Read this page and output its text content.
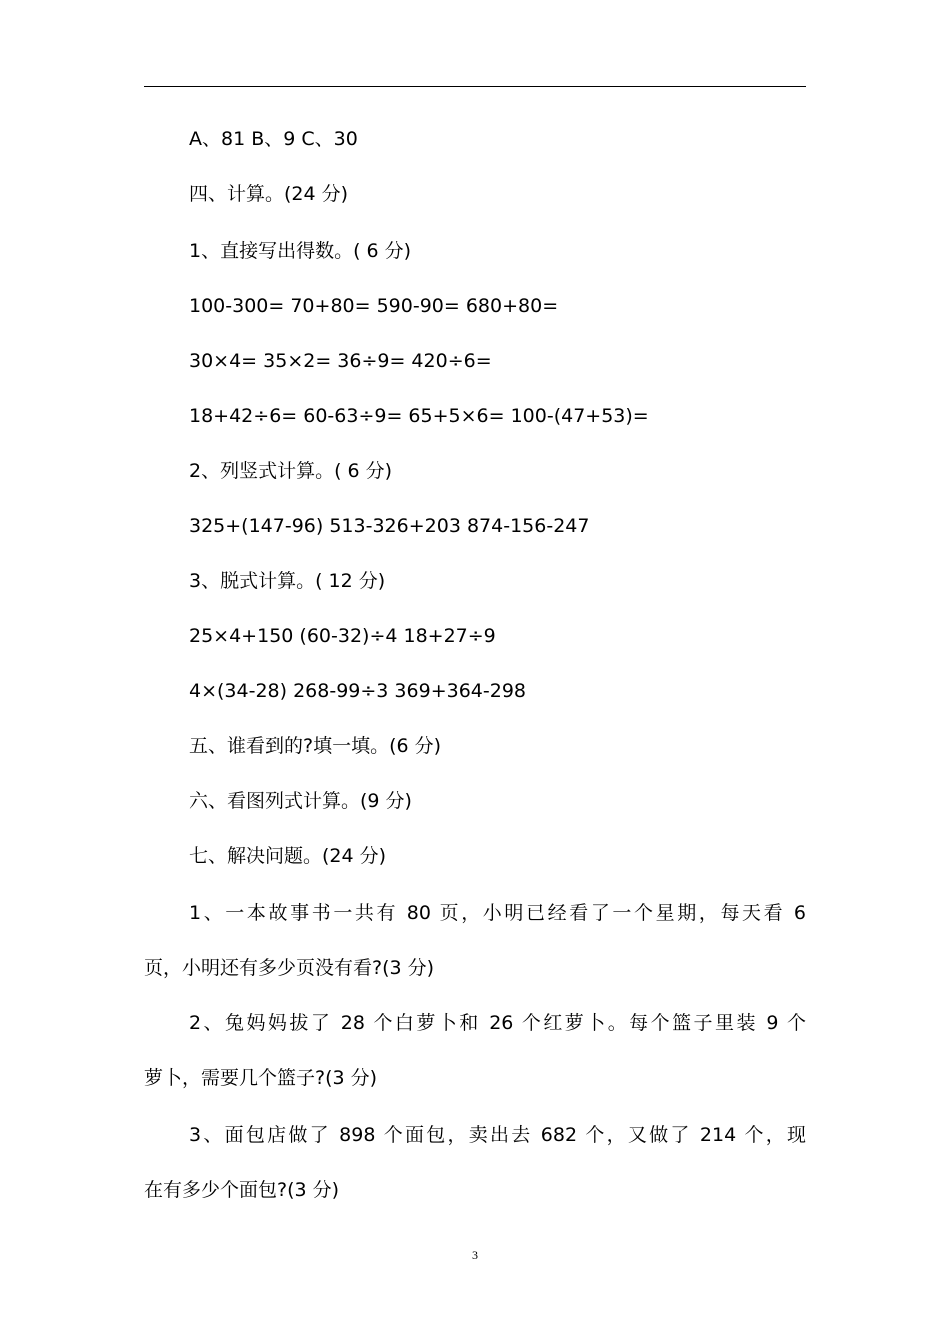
A、81 B、9 C、30
四、计算。(24 分)
1、直接写出得数。( 6 分)
100-300= 70+80= 590-90= 680+80=
30×4= 35×2= 36÷9= 420÷6=
18+42÷6= 60-63÷9= 65+5×6= 100-(47+53)=
2、列竖式计算。( 6 分)
325+(147-96) 513-326+203 874-156-247
3、脱式计算。( 12 分)
25×4+150 (60-32)÷4 18+27÷9
4×(34-28) 268-99÷3 369+364-298
五、谁看到的?填一填。(6 分)
六、看图列式计算。(9 分)
七、解决问题。(24 分)
1、一本故事书一共有 80 页，小明已经看了一个星期，每天看 6
页，小明还有多少页没有看?(3 分)
2、兔妈妈拔了 28 个白萝卜和 26 个红萝卜。每个篮子里装 9 个
萝卜，需要几个篮子?(3 分)
3、面包店做了 898 个面包，卖出去 682 个，又做了 214 个，现
在有多少个面包?(3 分)
3
